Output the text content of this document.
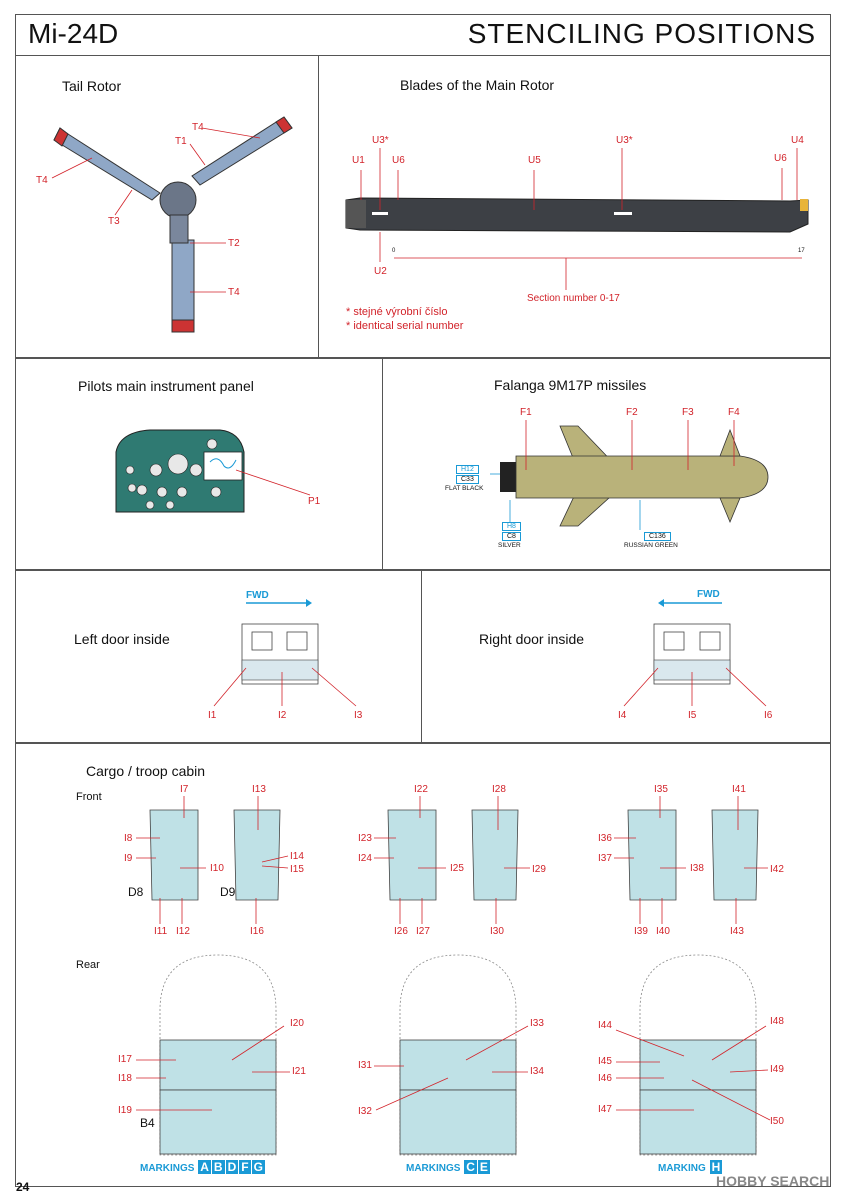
Mi-24D	STENCILING POSITIONS
Tail Rotor
T4
T1
T4
T3
T2
T4
Blades of the Main Rotor
U3*	U3*	U4
U1	U6	U5	U6
U2
0	17
Section number 0-17
* stejné výrobní číslo
* identical serial number
Pilots main instrument panel
P1
Falanga 9M17P missiles
F1	F2	F3	F4
H12
C33
FLAT BLACK
H8
C8
SILVER
C136
RUSSIAN GREEN
Left door inside
FWD
I1	I2	I3
Right door inside
FWD
I4	I5	I6
Cargo / troop cabin
Front
Rear
I7
I8
I9
I10
I11 I12
I13
I14
I15
I16
D8	D9
I22
I23
I24
I25
I26 I27
I28
I29
I30
I35
I36
I37
I38
I39 I40
I41
I42
I43
I20
I17
I18
I21
I19
B4
I33
I31
I34
I32
I44	I48
I45
I46
I49
I47
I50
MARKINGS A B D F G	MARKINGS C E	MARKING H
24	HOBBY SEARCH
